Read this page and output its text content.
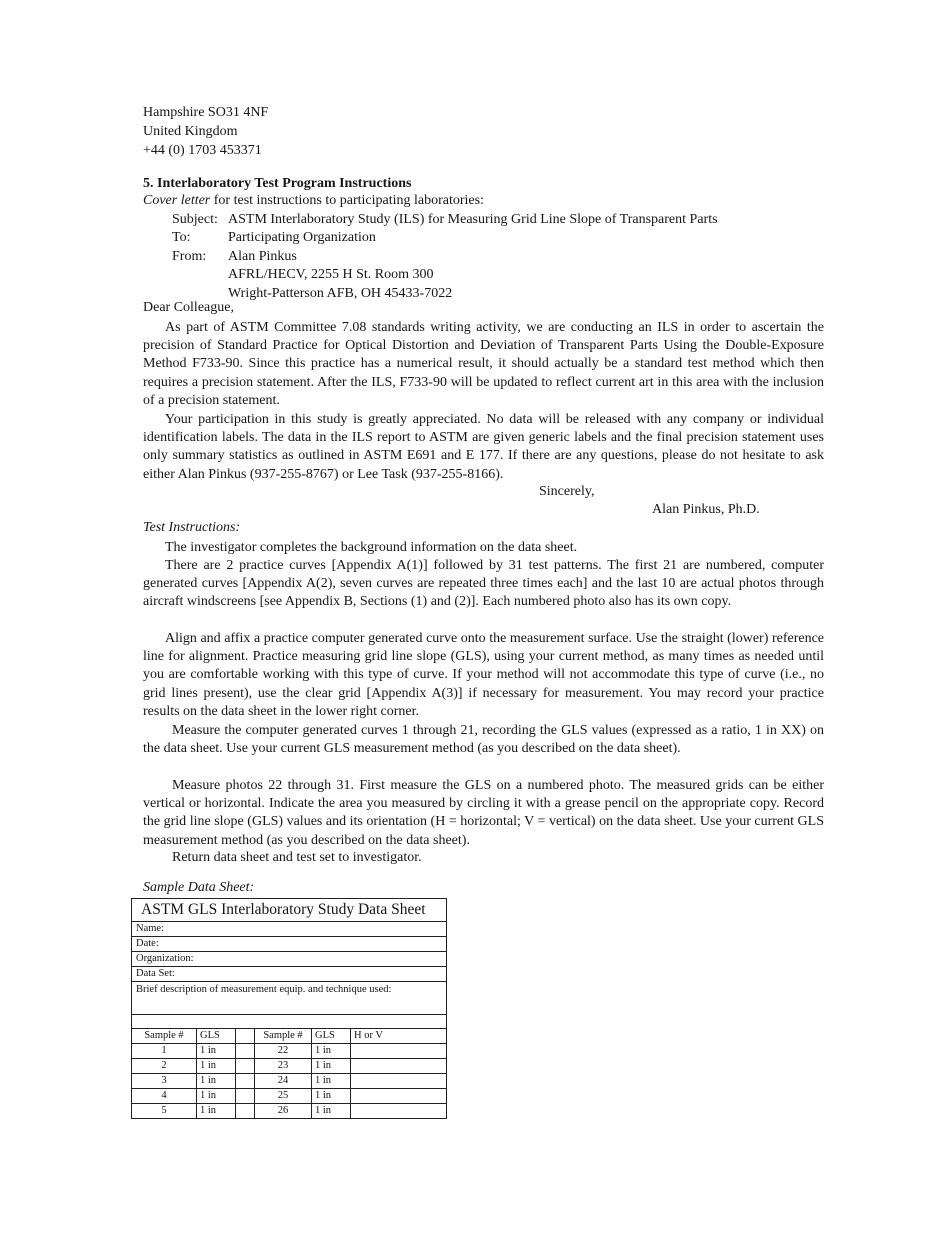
Hampshire SO31 4NF
United Kingdom
+44 (0) 1703 453371
5. Interlaboratory Test Program Instructions
Cover letter for test instructions to participating laboratories:
Subject: ASTM Interlaboratory Study (ILS) for Measuring Grid Line Slope of Transparent Parts
To:	Participating Organization
From: Alan Pinkus
AFRL/HECV, 2255 H St. Room 300
Wright-Patterson AFB, OH 45433-7022
Dear Colleague,
As part of ASTM Committee 7.08 standards writing activity, we are conducting an ILS in order to ascertain the precision of Standard Practice for Optical Distortion and Deviation of Transparent Parts Using the Double-Exposure Method F733-90. Since this practice has a numerical result, it should actually be a standard test method which then requires a precision statement. After the ILS, F733-90 will be updated to reflect current art in this area with the inclusion of a precision statement.
Your participation in this study is greatly appreciated. No data will be released with any company or individual identification labels. The data in the ILS report to ASTM are given generic labels and the final precision statement uses only summary statistics as outlined in ASTM E691 and E 177. If there are any questions, please do not hesitate to ask either Alan Pinkus (937-255-8767) or Lee Task (937-255-8166).
Sincerely,
Alan Pinkus, Ph.D.
Test Instructions:
The investigator completes the background information on the data sheet.
There are 2 practice curves [Appendix A(1)] followed by 31 test patterns. The first 21 are numbered, computer generated curves [Appendix A(2), seven curves are repeated three times each] and the last 10 are actual photos through aircraft windscreens [see Appendix B, Sections (1) and (2)]. Each numbered photo also has its own copy.
Align and affix a practice computer generated curve onto the measurement surface. Use the straight (lower) reference line for alignment. Practice measuring grid line slope (GLS), using your current method, as many times as needed until you are comfortable working with this type of curve. If your method will not accommodate this type of curve (i.e., no grid lines present), use the clear grid [Appendix A(3)] if necessary for measurement. You may record your practice results on the data sheet in the lower right corner.
Measure the computer generated curves 1 through 21, recording the GLS values (expressed as a ratio, 1 in XX) on the data sheet. Use your current GLS measurement method (as you described on the data sheet).
Measure photos 22 through 31. First measure the GLS on a numbered photo. The measured grids can be either vertical or horizontal. Indicate the area you measured by circling it with a grease pencil on the appropriate copy. Record the grid line slope (GLS) values and its orientation (H = horizontal; V = vertical) on the data sheet. Use your current GLS measurement method (as you described on the data sheet).
Return data sheet and test set to investigator.
Sample Data Sheet:
ASTM GLS Interlaboratory Study Data Sheet
Name:
Date:
Organization:
Data Set:
Brief description of measurement equip. and technique used:
Sample #	GLS		Sample #	GLS	H or V
1	1 in		22	1 in	
2	1 in		23	1 in	
3	1 in		24	1 in	
4	1 in		25	1 in	
5	1 in		26	1 in	
